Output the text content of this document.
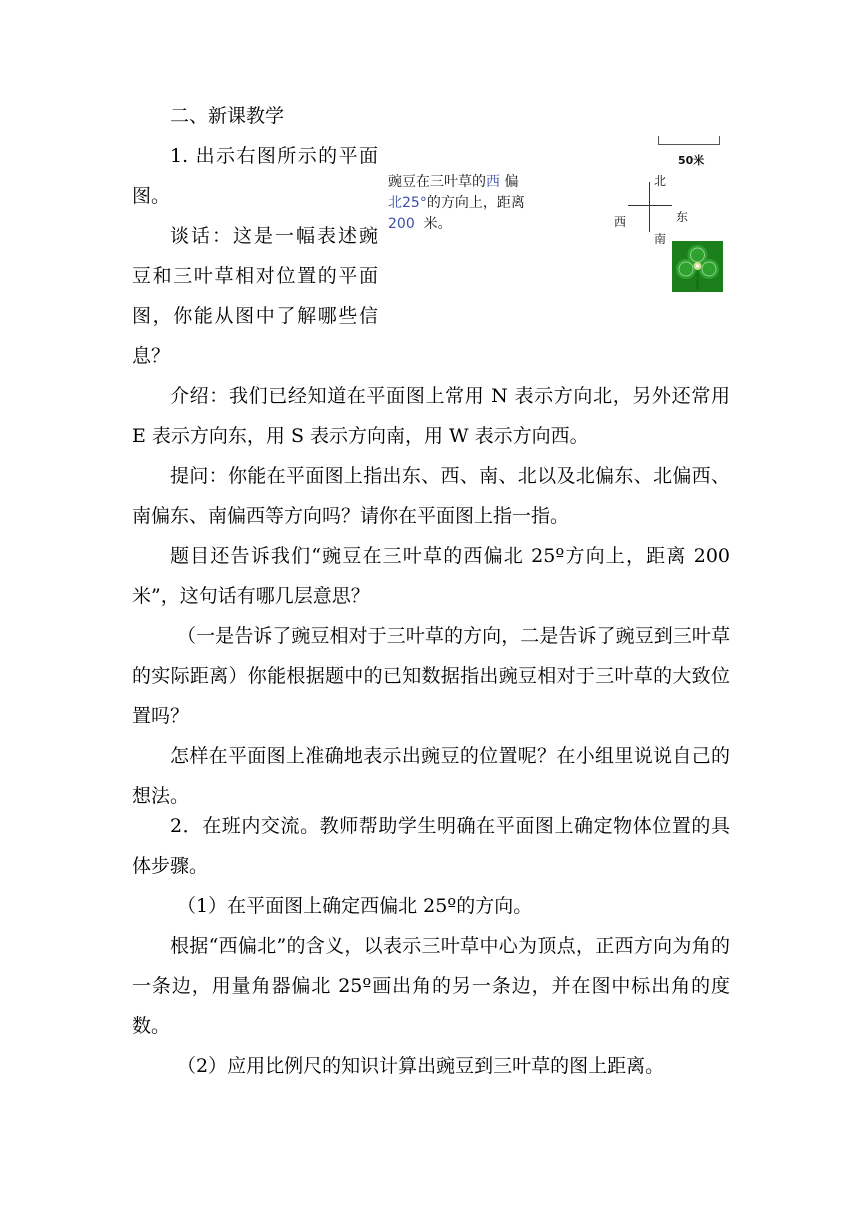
二、新课教学

1. 出示右图所示的平面图。

谈话：这是一幅表述豌豆和三叶草相对位置的平面图，你能从图中了解哪些信息？

豌豆在三叶草的西 偏
北25°的方向上，距离
200 米。
50米
北
南
东
西

介绍：我们已经知道在平面图上常用 N 表示方向北，另外还常用 E 表示方向东，用 S 表示方向南，用 W 表示方向西。

提问：你能在平面图上指出东、西、南、北以及北偏东、北偏西、南偏东、南偏西等方向吗？请你在平面图上指一指。

题目还告诉我们“豌豆在三叶草的西偏北 25º方向上，距离 200 米”，这句话有哪几层意思？

（一是告诉了豌豆相对于三叶草的方向，二是告诉了豌豆到三叶草的实际距离）你能根据题中的已知数据指出豌豆相对于三叶草的大致位置吗？

怎样在平面图上准确地表示出豌豆的位置呢？在小组里说说自己的想法。

2．在班内交流。教师帮助学生明确在平面图上确定物体位置的具体步骤。

（1）在平面图上确定西偏北 25º的方向。

根据“西偏北”的含义，以表示三叶草中心为顶点，正西方向为角的一条边，用量角器偏北 25º画出角的另一条边，并在图中标出角的度数。

（2）应用比例尺的知识计算出豌豆到三叶草的图上距离。
